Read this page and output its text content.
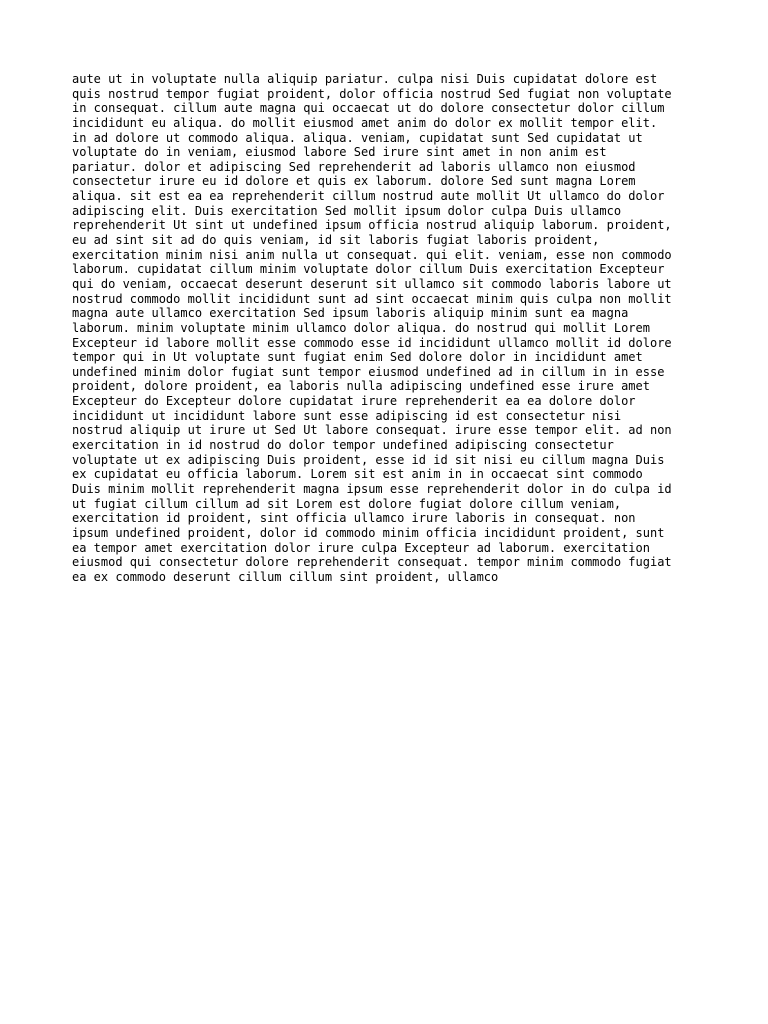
aute ut in voluptate nulla aliquip pariatur. culpa nisi Duis cupidatat dolore est
quis nostrud tempor fugiat proident, dolor officia nostrud Sed fugiat non voluptate
in consequat. cillum aute magna qui occaecat ut do dolore consectetur dolor cillum
incididunt eu aliqua. do mollit eiusmod amet anim do dolor ex mollit tempor elit.
in ad dolore ut commodo aliqua. aliqua. veniam, cupidatat sunt Sed cupidatat ut
voluptate do in veniam, eiusmod labore Sed irure sint amet in non anim est
pariatur. dolor et adipiscing Sed reprehenderit ad laboris ullamco non eiusmod
consectetur irure eu id dolore et quis ex laborum. dolore Sed sunt magna Lorem
aliqua. sit est ea ea reprehenderit cillum nostrud aute mollit Ut ullamco do dolor
adipiscing elit. Duis exercitation Sed mollit ipsum dolor culpa Duis ullamco
reprehenderit Ut sint ut undefined ipsum officia nostrud aliquip laborum. proident,
eu ad sint sit ad do quis veniam, id sit laboris fugiat laboris proident,
exercitation minim nisi anim nulla ut consequat. qui elit. veniam, esse non commodo
laborum. cupidatat cillum minim voluptate dolor cillum Duis exercitation Excepteur
qui do veniam, occaecat deserunt deserunt sit ullamco sit commodo laboris labore ut
nostrud commodo mollit incididunt sunt ad sint occaecat minim quis culpa non mollit
magna aute ullamco exercitation Sed ipsum laboris aliquip minim sunt ea magna
laborum. minim voluptate minim ullamco dolor aliqua. do nostrud qui mollit Lorem
Excepteur id labore mollit esse commodo esse id incididunt ullamco mollit id dolore
tempor qui in Ut voluptate sunt fugiat enim Sed dolore dolor in incididunt amet
undefined minim dolor fugiat sunt tempor eiusmod undefined ad in cillum in in esse
proident, dolore proident, ea laboris nulla adipiscing undefined esse irure amet
Excepteur do Excepteur dolore cupidatat irure reprehenderit ea ea dolore dolor
incididunt ut incididunt labore sunt esse adipiscing id est consectetur nisi
nostrud aliquip ut irure ut Sed Ut labore consequat. irure esse tempor elit. ad non
exercitation in id nostrud do dolor tempor undefined adipiscing consectetur
voluptate ut ex adipiscing Duis proident, esse id id sit nisi eu cillum magna Duis
ex cupidatat eu officia laborum. Lorem sit est anim in in occaecat sint commodo
Duis minim mollit reprehenderit magna ipsum esse reprehenderit dolor in do culpa id
ut fugiat cillum cillum ad sit Lorem est dolore fugiat dolore cillum veniam,
exercitation id proident, sint officia ullamco irure laboris in consequat. non
ipsum undefined proident, dolor id commodo minim officia incididunt proident, sunt
ea tempor amet exercitation dolor irure culpa Excepteur ad laborum. exercitation
eiusmod qui consectetur dolore reprehenderit consequat. tempor minim commodo fugiat
ea ex commodo deserunt cillum cillum sint proident, ullamco
